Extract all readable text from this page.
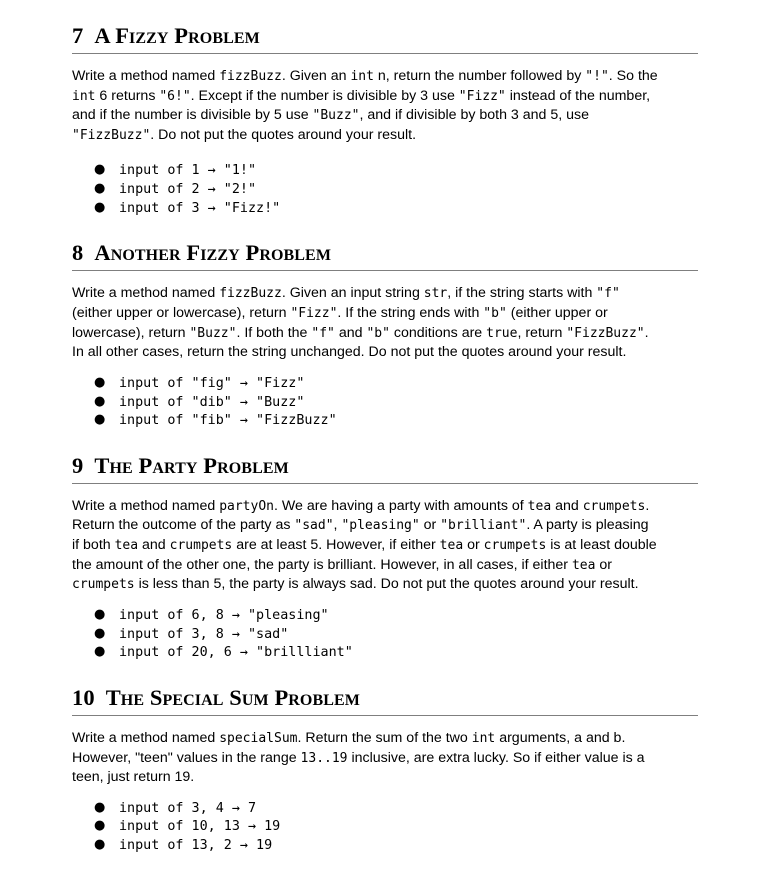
7 A Fizzy Problem
Write a method named fizzBuzz. Given an int n, return the number followed by "!". So the
int 6 returns "6!". Except if the number is divisible by 3 use "Fizz" instead of the number,
and if the number is divisible by 5 use "Buzz", and if divisible by both 3 and 5, use
"FizzBuzz". Do not put the quotes around your result.
● input of 1 → "1!"
● input of 2 → "2!"
● input of 3 → "Fizz!"
8 Another Fizzy Problem
Write a method named fizzBuzz. Given an input string str, if the string starts with "f"
(either upper or lowercase), return "Fizz". If the string ends with "b" (either upper or
lowercase), return "Buzz". If both the "f" and "b" conditions are true, return "FizzBuzz".
In all other cases, return the string unchanged. Do not put the quotes around your result.
● input of "fig" → "Fizz"
● input of "dib" → "Buzz"
● input of "fib" → "FizzBuzz"
9 The Party Problem
Write a method named partyOn. We are having a party with amounts of tea and crumpets.
Return the outcome of the party as "sad", "pleasing" or "brilliant". A party is pleasing
if both tea and crumpets are at least 5. However, if either tea or crumpets is at least double
the amount of the other one, the party is brilliant. However, in all cases, if either tea or
crumpets is less than 5, the party is always sad. Do not put the quotes around your result.
● input of 6, 8 → "pleasing"
● input of 3, 8 → "sad"
● input of 20, 6 → "brillliant"
10 The Special Sum Problem
Write a method named specialSum. Return the sum of the two int arguments, a and b.
However, "teen" values in the range 13..19 inclusive, are extra lucky. So if either value is a
teen, just return 19.
● input of 3, 4 → 7
● input of 10, 13 → 19
● input of 13, 2 → 19
